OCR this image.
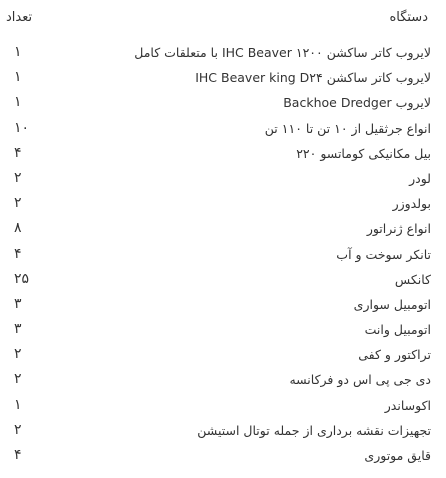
دستگاه
تعداد
لایروب کاتر ساکشن ۱۲۰۰ IHC Beaver با متعلقات کامل
۱
لایروب کاتر ساکشن IHC Beaver king D۲۴
۱
لایروب Backhoe Dredger
۱
انواع جرثقیل از ۱۰ تن تا ۱۱۰ تن
۱۰
بیل مکانیکی کوماتسو ۲۲۰
۴
لودر
۲
بولدوزر
۲
انواع ژنراتور
۸
تانکر سوخت و آب
۴
کانکس
۲۵
اتومبیل سواری
۳
اتومبیل وانت
۳
تراکتور و کفی
۲
دی جی پی اس دو فرکانسه
۲
اکوساندر
۱
تجهیزات نقشه برداری از جمله توتال استیشن
۲
قایق موتوری
۴
